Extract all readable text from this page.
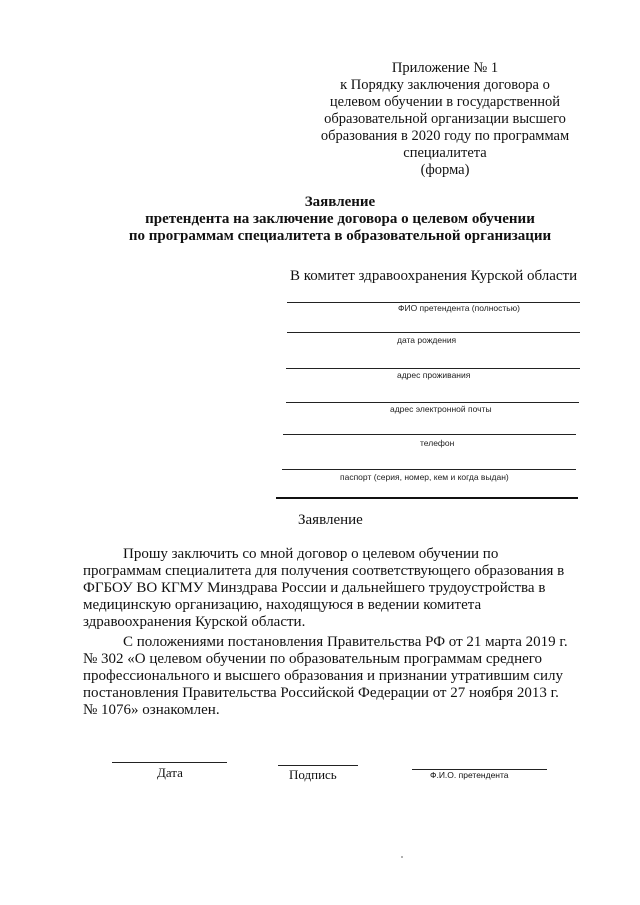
Приложение № 1
к Порядку заключения договора о
целевом обучении в государственной
образовательной организации высшего
образования в 2020 году по программам
специалитета
(форма)
Заявление
претендента на заключение договора о целевом обучении
по программам специалитета в образовательной организации
В комитет здравоохранения Курской области
ФИО претендента (полностью)
дата рождения
адрес проживания
адрес электронной почты
телефон
паспорт (серия, номер, кем и когда выдан)
Заявление
Прошу заключить со мной договор о целевом обучении по
программам специалитета для получения соответствующего образования в
ФГБОУ ВО КГМУ Минздрава России и дальнейшего трудоустройства в
медицинскую организацию, находящуюся в ведении комитета
здравоохранения Курской области.
С положениями постановления Правительства РФ от 21 марта 2019 г.
№ 302 «О целевом обучении по образовательным программам среднего
профессионального и высшего образования и признании утратившим силу
постановления Правительства Российской Федерации от 27 ноября 2013 г.
№ 1076» ознакомлен.
Дата	Подпись	Ф.И.О. претендента
